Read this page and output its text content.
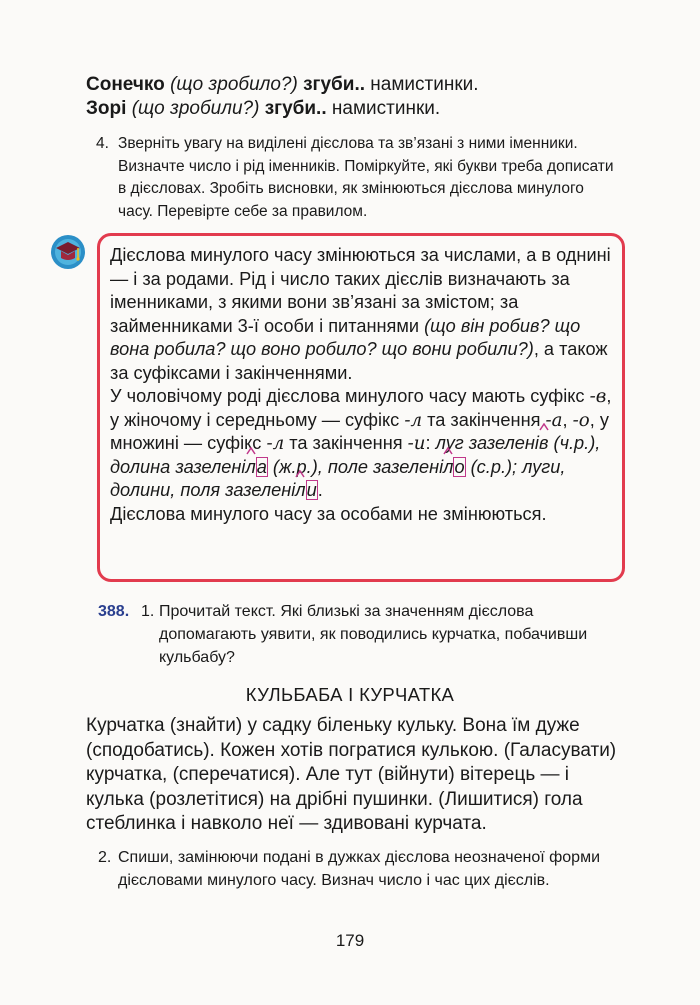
Сонечко (що зробило?) згуби.. намистинки.
Зорі (що зробили?) згуби.. намистинки.
4. Зверніть увагу на виділені дієслова та зв’язані з ними іменники. Визначте число і рід іменників. Поміркуйте, які букви треба дописати в дієсловах. Зробіть висновки, як змінюються дієслова минулого часу. Перевірте себе за правилом.

Дієслова минулого часу змінюються за числами, а в однині — і за родами. Рід і число таких дієслів визначають за іменниками, з якими вони зв’язані за змістом; за займенниками 3-ї особи і питаннями (що він робив? що вона робила? що воно робило? що вони робили?), а також за суфіксами і закінченнями.

У чоловічому роді дієслова минулого часу мають суфікс -в, у жіночому і середньому — суфікс -л та закінчення -а, -о, у множині — суфікс -л та закінчення -и: луг зазеленів (ч.р.), долина зазеленіл
а (ж.р.), поле зазеленіл
о (с.р.); луги, долини, поля зазеленіл
и.

Дієслова минулого часу за особами не змінюються.

388. 1. Прочитай текст. Які близькі за значенням дієслова допомагають уявити, як поводились курчатка, побачивши кульбабу?
КУЛЬБАБА І КУРЧАТКА
Курчатка (знайти) у садку біленьку кульку. Вона їм дуже (сподобатись). Кожен хотів погратися кулькою. (Галасувати) курчатка, (сперечатися). Але тут (війнути) вітерець — і кулька (розлетітися) на дрібні пушинки. (Лишитися) гола стеблинка і навколо неї — здивовані курчата.
2. Спиши, замінюючи подані в дужках дієслова неозначеної форми дієсловами минулого часу. Визнач число і час цих дієслів.
179
